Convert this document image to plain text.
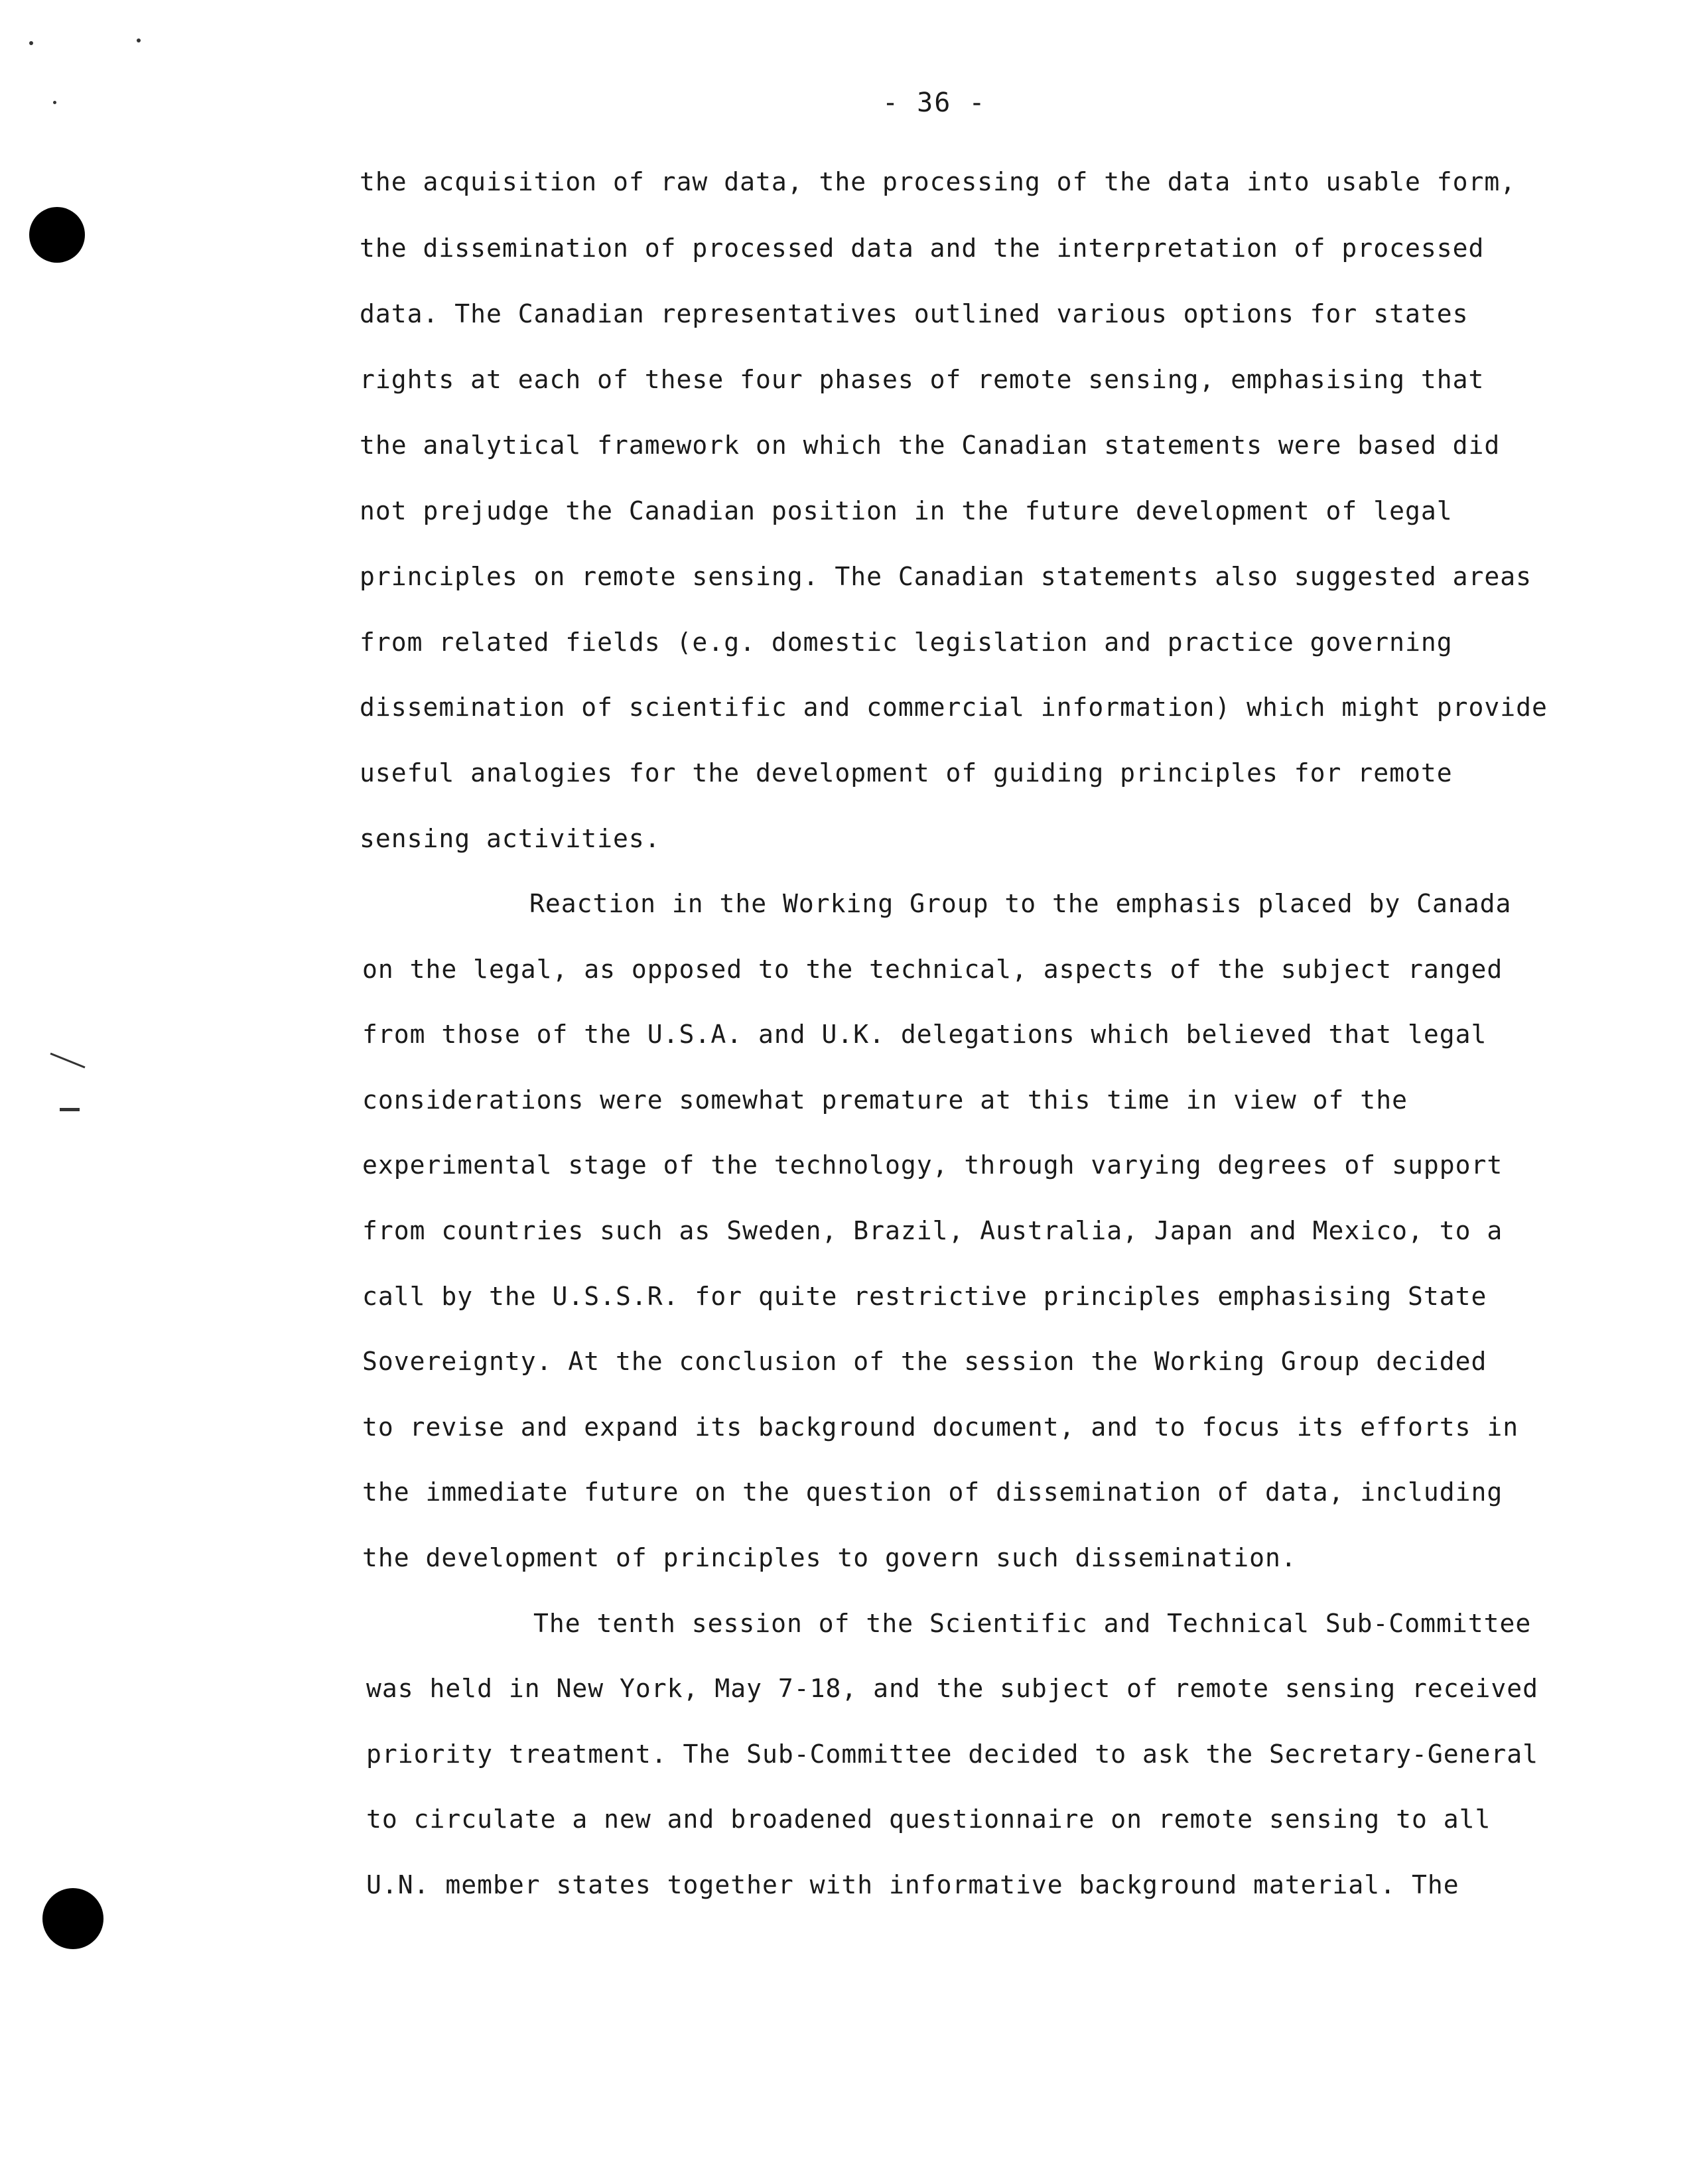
- 36 -
the acquisition of raw data, the processing of the data into usable form,
the dissemination of processed data and the interpretation of processed
data. The Canadian representatives outlined various options for states
rights at each of these four phases of remote sensing, emphasising that
the analytical framework on which the Canadian statements were based did
not prejudge the Canadian position in the future development of legal
principles on remote sensing. The Canadian statements also suggested areas
from related fields (e.g. domestic legislation and practice governing
dissemination of scientific and commercial information) which might provide
useful analogies for the development of guiding principles for remote
sensing activities.
Reaction in the Working Group to the emphasis placed by Canada
on the legal, as opposed to the technical, aspects of the subject ranged
from those of the U.S.A. and U.K. delegations which believed that legal
considerations were somewhat premature at this time in view of the
experimental stage of the technology, through varying degrees of support
from countries such as Sweden, Brazil, Australia, Japan and Mexico, to a
call by the U.S.S.R. for quite restrictive principles emphasising State
Sovereignty. At the conclusion of the session the Working Group decided
to revise and expand its background document, and to focus its efforts in
the immediate future on the question of dissemination of data, including
the development of principles to govern such dissemination.
The tenth session of the Scientific and Technical Sub-Committee
was held in New York, May 7-18, and the subject of remote sensing received
priority treatment. The Sub-Committee decided to ask the Secretary-General
to circulate a new and broadened questionnaire on remote sensing to all
U.N. member states together with informative background material. The
